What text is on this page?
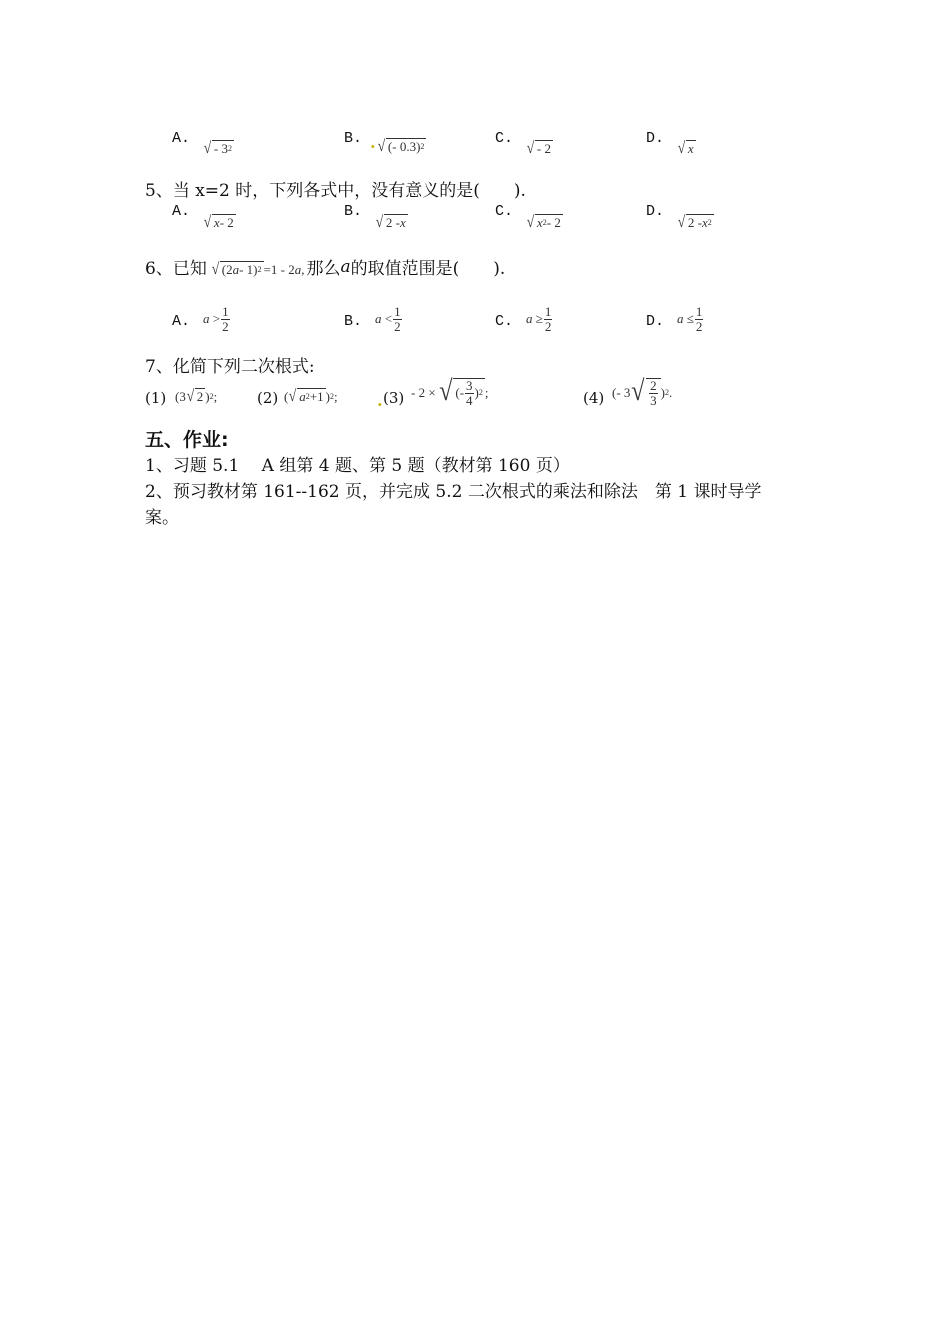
A.
√ - 3 2
B. . √ (- 0.3) 2	C.
√ - 2
D.
√ x
5、当 x=2 时，下列各式中，没有意义的是(　　).
A.
√ x - 2
B.
√ 2 - x
C.
√ x 2 - 2
D.
√ 2 - x 2
6、已知 √ (2 a - 1) 2 =1 - 2 a , 那么 a 的取值范围是(　　).
A. a
> $\frac{1}{2}$	B. a
< $\frac{1}{2}$	C. a
≥ $\frac{1}{2}$	D. a
≤ $\frac{1}{2}$
7、化简下列二次根式:
(1) (3 √ 2 ) 2 ;	(2) ( √ a 2 +1 ) 2 ; . (3) - 2 × √ (- $\frac{3}{4}$ ) 2 ;	(4) (- 3 √ $\frac{2}{3}$ ) 2 .
五、作业:
1、习题 5.1　 A 组第 4 题、第 5 题（教材第 160 页）
2、预习教材第 161--162 页，并完成 5.2 二次根式的乘法和除法　第 1 课时导学
案。
